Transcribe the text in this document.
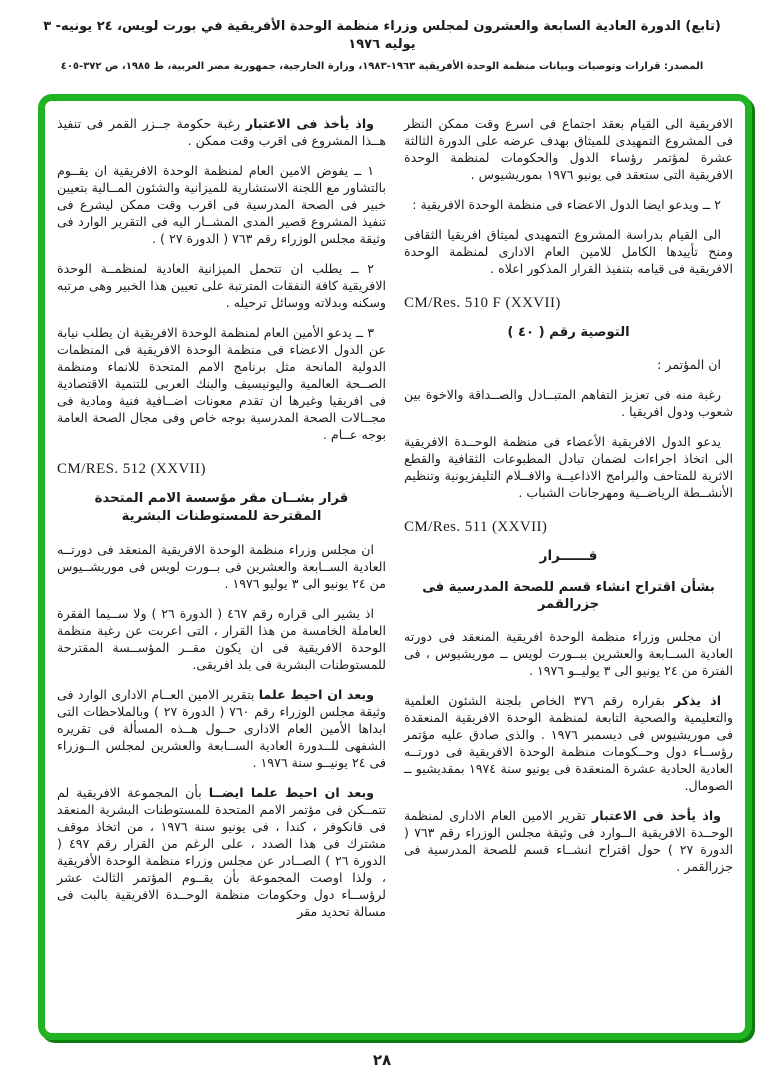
(تابع) الدورة العادية السابعة والعشرون لمجلس وزراء منظمة الوحدة الأفريقية في بورت لويس، ٢٤ يونيه- ٣ يوليه ١٩٧٦
المصدر: قرارات وتوصيات وبيانات منظمة الوحدة الأفريقية ١٩٦٣-١٩٨٣، وزارة الخارجية، جمهورية مصر العربية، ط ١٩٨٥، ص ٣٧٢-٤٠٥

الافريقية الى القيام بعقد اجتماع فى اسرع وقت ممكن النظر فى المشروع التمهيدى للميثاق بهدف عرضه على الدورة الثالثة عشرة لمؤتمر رؤساء الدول والحكومات لمنظمة الوحدة الافريقية التى ستعقد فى يونيو ١٩٧٦ بموريشيوس .

٢ ــ ويدعو ايضا الدول الاعضاء فى منظمة الوحدة الافريقية :

الى القيام بدراسة المشروع التمهيدى لميثاق افريقيا الثقافى ومنح تأييدها الكامل للامين العام الادارى لمنظمة الوحدة الافريقية فى قيامه بتنفيذ القرار المذكور اعلاه .

CM/Res. 510 F (XXVII)

التوصية رقم ( ٤٠ )

ان المؤتمر :

رغبة منه فى تعزيز التفاهم المتبــادل والصــداقة والاخوة بين شعوب ودول افريقيا .

يدعو الدول الافريقية الأعضاء فى منظمة الوحــدة الافريقية الى اتخاذ اجراءات لضمان تبادل المطبوعات الثقافية والقطع الاثرية للمتاحف والبرامج الاذاعيــة والافــلام التليفزيونية وتنظيم الأنشــطة الرياضــية ومهرجانات الشباب .

CM/Res. 511 (XXVII)

قــــــرار

بشأن اقتراح انشاء قسم للصحة المدرسية فى جزرالقمر

ان مجلس وزراء منظمة الوحدة افريقية المنعقد فى دورته العادية الســابعة والعشرين ببــورت لويس ــ موريشيوس ، فى الفترة من ٢٤ يونيو الى ٣ يوليــو ١٩٧٦ .

اذ يذكر بقراره رقم ٣٧٦ الخاص بلجنة الشئون العلمية والتعليمية والصحية التابعة لمنظمة الوحدة الافريقية المنعقدة فى موريشيوس فى ديسمبر ١٩٧٦ . والذى صادق عليه مؤتمر رؤســاء دول وحــكومات منظمة الوحدة الافريقية فى دورتــه العادية الحادية عشرة المنعقدة فى يونيو سنة ١٩٧٤ بمقديشيو ــ الصومال.

واذ يأخذ فى الاعتبار تقرير الامين العام الادارى لمنظمة الوحــدة الافريقية الــوارد فى وثيقة مجلس الوزراء رقم ٧٦٣ ( الدورة ٢٧ ) حول اقتراح انشــاء قسم للصحة المدرسية فى جزرالقمر .

واذ يأخذ فى الاعتبار رغبة حكومة جــزر القمر فى تنفيذ هــذا المشروع فى اقرب وقت ممكن .

١ ــ يفوض الامين العام لمنظمة الوحدة الافريقية ان يقــوم بالتشاور مع اللجنة الاستشارية للميزانية والشئون المــالية بتعيين خبير فى الصحة المدرسية فى اقرب وقت ممكن ليشرع فى تنفيذ المشروع قصير المدى المشــار اليه فى التقرير الوارد فى وثيقة مجلس الوزراء رقم ٧٦٣ ( الدورة ٢٧ ) .

٢ ــ يطلب ان تتحمل الميزانية العادية لمنظمــة الوحدة الافريقية كافة النفقات المترتبة على تعيين هذا الخبير وهى مرتبه وسكنه وبدلاته ووسائل ترحيله .

٣ ــ يدعو الأمين العام لمنظمة الوحدة الافريقية ان يطلب نيابة عن الدول الاعضاء فى منظمة الوحدة الافريقية فى المنظمات الدولية المانحة مثل برنامج الامم المتحدة للانماء ومنظمة الصــحة العالمية واليونيسيف والبنك العربى للتنمية الاقتصادية فى افريقيا وغيرها ان تقدم معونات اضــافية فنية ومادية فى مجــالات الصحة المدرسية بوجه خاص وفى مجال الصحة العامة بوجه عــام .

CM/RES. 512 (XXVII)

قرار بشــان مقر مؤسسة الامم المتحدة
المقترحة للمستوطنات البشرية

ان مجلس وزراء منظمة الوحدة الافريقية المنعقد فى دورتــه العادية الســابعة والعشرين فى بــورت لويس فى موريشــيوس من ٢٤ يونيو الى ٣ يوليو ١٩٧٦ .

اذ يشير الى قراره رقم ٤٦٧ ( الدورة ٢٦ ) ولا ســيما الفقرة العاملة الخامسة من هذا القرار ، التى اعربت عن رغبة منظمة الوحدة الافريقية فى ان يكون مقــر المؤســسة المقترحة للمستوطنات البشرية فى بلد افريقى.

وبعد ان احيط علما بتقرير الامين العــام الادارى الوارد فى وثيقة مجلس الوزراء رقم ٧٦٠ ( الدورة ٢٧ ) وبالملاحظات التى ابداها الأمين العام الادارى حــول هــذه المسألة فى تقريره الشفهى للــدورة العادية الســابعة والعشرين لمجلس الــوزراء فى ٢٤ يونيــو سنة ١٩٧٦ .

وبعد ان احيط علما ايضــا بأن المجموعة الافريقية لم تتمــكن فى مؤتمر الامم المتحدة للمستوطنات البشرية المنعقد فى فانكوفر ، كندا ، فى يونيو سنة ١٩٧٦ ، من اتخاذ موقف مشترك فى هذا الصدد ، على الرغم من القرار رقم ٤٩٧ ( الدورة ٢٦ ) الصــادر عن مجلس وزراء منظمة الوحدة الأفريقية ، ولذا اوصت المجموعة بأن يقــوم المؤتمر الثالث عشر لرؤســاء دول وحكومات منظمة الوحــدة الافريقية بالبت فى مسالة تحديد مقر

٢٨
